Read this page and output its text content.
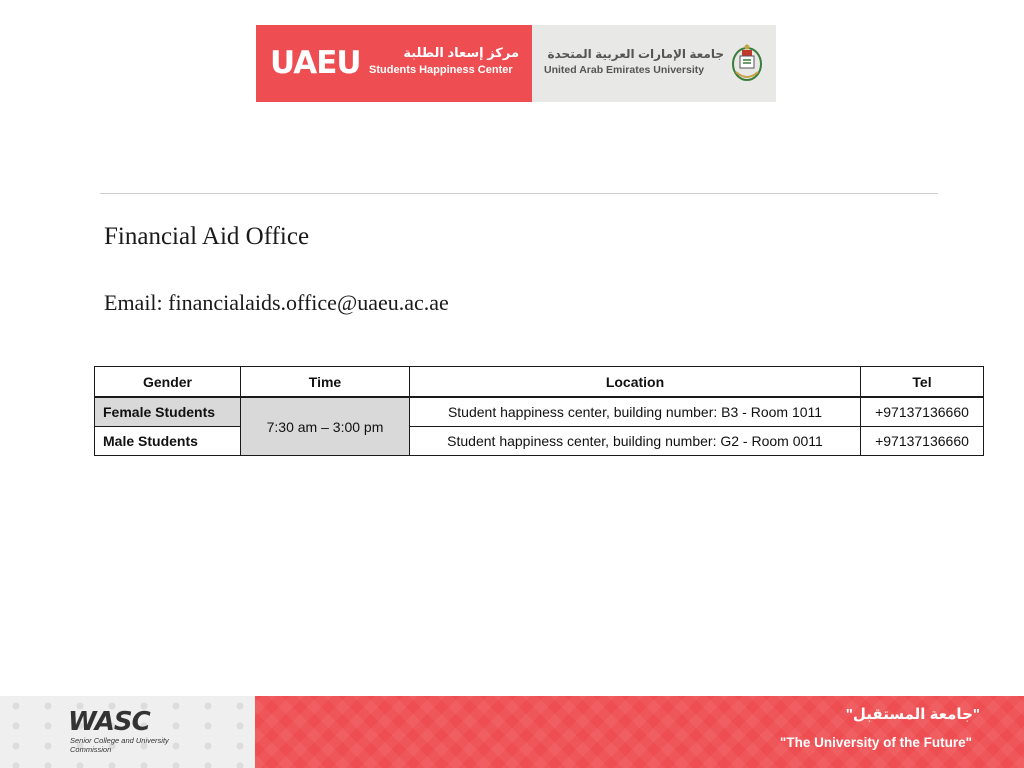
UAEU	مركز إسعاد الطلبة
Students Happiness Center
جامعة الإمارات العربية المتحدة
United Arab Emirates University
Financial Aid Office
Email: financialaids.office@uaeu.ac.ae
Gender	Time	Location	Tel
Female Students	7:30 am – 3:00 pm	Student happiness center, building number: B3 - Room 1011	+97137136660
Male Students		Student happiness center, building number: G2 - Room 0011	+97137136660
WASC
Senior College and University Commission
"جامعة المستقبل"
"The University of the Future"
